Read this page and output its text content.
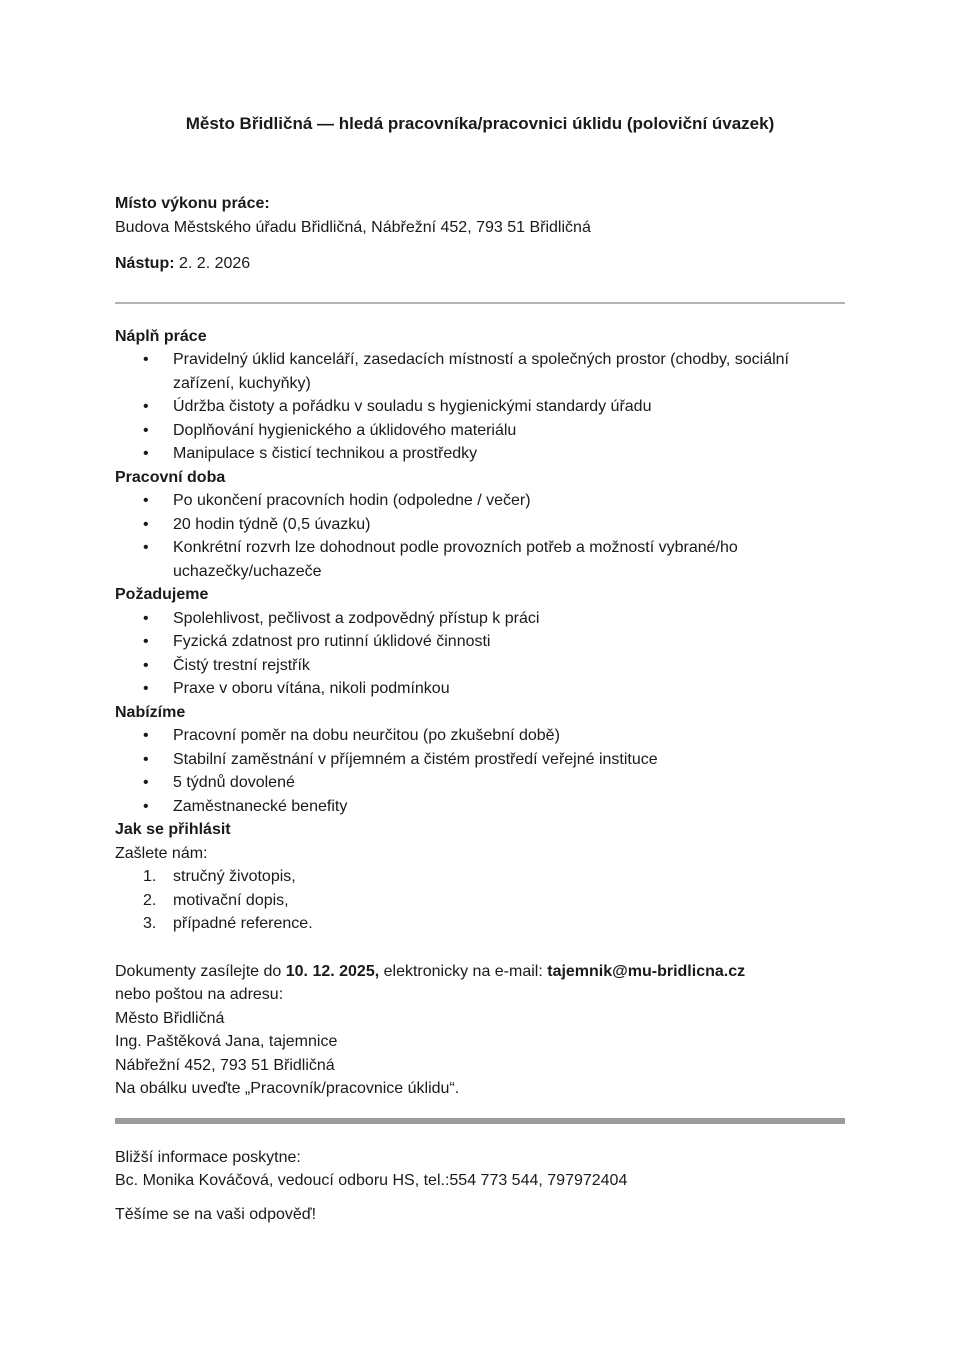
Město Břidličná — hledá pracovníka/pracovnici úklidu (poloviční úvazek)

Místo výkonu práce:
Budova Městského úřadu Břidličná, Nábřežní 452, 793 51 Břidličná

Nástup: 2. 2. 2026

Náplň práce
• Pravidelný úklid kanceláří, zasedacích místností a společných prostor (chodby, sociální zařízení, kuchyňky)
• Údržba čistoty a pořádku v souladu s hygienickými standardy úřadu
• Doplňování hygienického a úklidového materiálu
• Manipulace s čisticí technikou a prostředky
Pracovní doba
• Po ukončení pracovních hodin (odpoledne / večer)
• 20 hodin týdně (0,5 úvazku)
• Konkrétní rozvrh lze dohodnout podle provozních potřeb a možností vybrané/ho uchazečky/uchazeče
Požadujeme
• Spolehlivost, pečlivost a zodpovědný přístup k práci
• Fyzická zdatnost pro rutinní úklidové činnosti
• Čistý trestní rejstřík
• Praxe v oboru vítána, nikoli podmínkou
Nabízíme
• Pracovní poměr na dobu neurčitou (po zkušební době)
• Stabilní zaměstnání v příjemném a čistém prostředí veřejné instituce
• 5 týdnů dovolené
• Zaměstnanecké benefity
Jak se přihlásit

Zašlete nám:

1. stručný životopis,
2. motivační dopis,
3. případné reference.

Dokumenty zasílejte do 10. 12. 2025, elektronicky na e-mail: tajemnik@mu-bridlicna.cz

nebo poštou na adresu:

Město Břidličná

Ing. Paštěková Jana, tajemnice

Nábřežní 452, 793 51 Břidličná

Na obálku uveďte „Pracovník/pracovnice úklidu“.

Bližší informace poskytne:

Bc. Monika Kováčová, vedoucí odboru HS, tel.:554 773 544, 797972404

Těšíme se na vaši odpověď!
